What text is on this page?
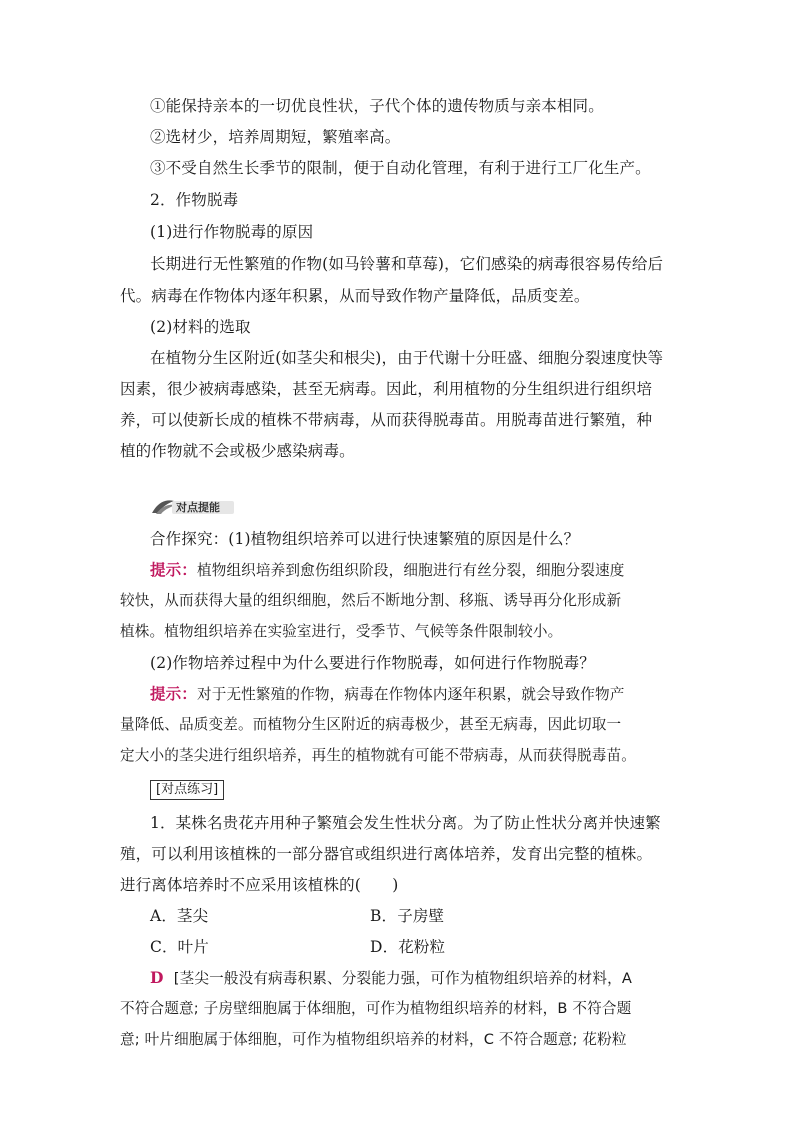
①能保持亲本的一切优良性状，子代个体的遗传物质与亲本相同。
②选材少，培养周期短，繁殖率高。
③不受自然生长季节的限制，便于自动化管理，有利于进行工厂化生产。
2．作物脱毒
(1)进行作物脱毒的原因
长期进行无性繁殖的作物(如马铃薯和草莓)，它们感染的病毒很容易传给后
代。病毒在作物体内逐年积累，从而导致作物产量降低，品质变差。
(2)材料的选取
在植物分生区附近(如茎尖和根尖)，由于代谢十分旺盛、细胞分裂速度快等
因素，很少被病毒感染，甚至无病毒。因此，利用植物的分生组织进行组织培
养，可以使新长成的植株不带病毒，从而获得脱毒苗。用脱毒苗进行繁殖，种
植的作物就不会或极少感染病毒。
对点提能
合作探究：(1)植物组织培养可以进行快速繁殖的原因是什么？
提示：植物组织培养到愈伤组织阶段，细胞进行有丝分裂，细胞分裂速度
较快，从而获得大量的组织细胞，然后不断地分割、移瓶、诱导再分化形成新
植株。植物组织培养在实验室进行，受季节、气候等条件限制较小。
(2)作物培养过程中为什么要进行作物脱毒，如何进行作物脱毒？
提示：对于无性繁殖的作物，病毒在作物体内逐年积累，就会导致作物产
量降低、品质变差。而植物分生区附近的病毒极少，甚至无病毒，因此切取一
定大小的茎尖进行组织培养，再生的植物就有可能不带病毒，从而获得脱毒苗。
[对点练习]
1．某株名贵花卉用种子繁殖会发生性状分离。为了防止性状分离并快速繁
殖，可以利用该植株的一部分器官或组织进行离体培养，发育出完整的植株。
进行离体培养时不应采用该植株的(　　)
A．茎尖	B．子房壁
C．叶片	D．花粉粒
D [茎尖一般没有病毒积累、分裂能力强，可作为植物组织培养的材料，A
不符合题意; 子房壁细胞属于体细胞，可作为植物组织培养的材料，B 不符合题
意; 叶片细胞属于体细胞，可作为植物组织培养的材料，C 不符合题意; 花粉粒
